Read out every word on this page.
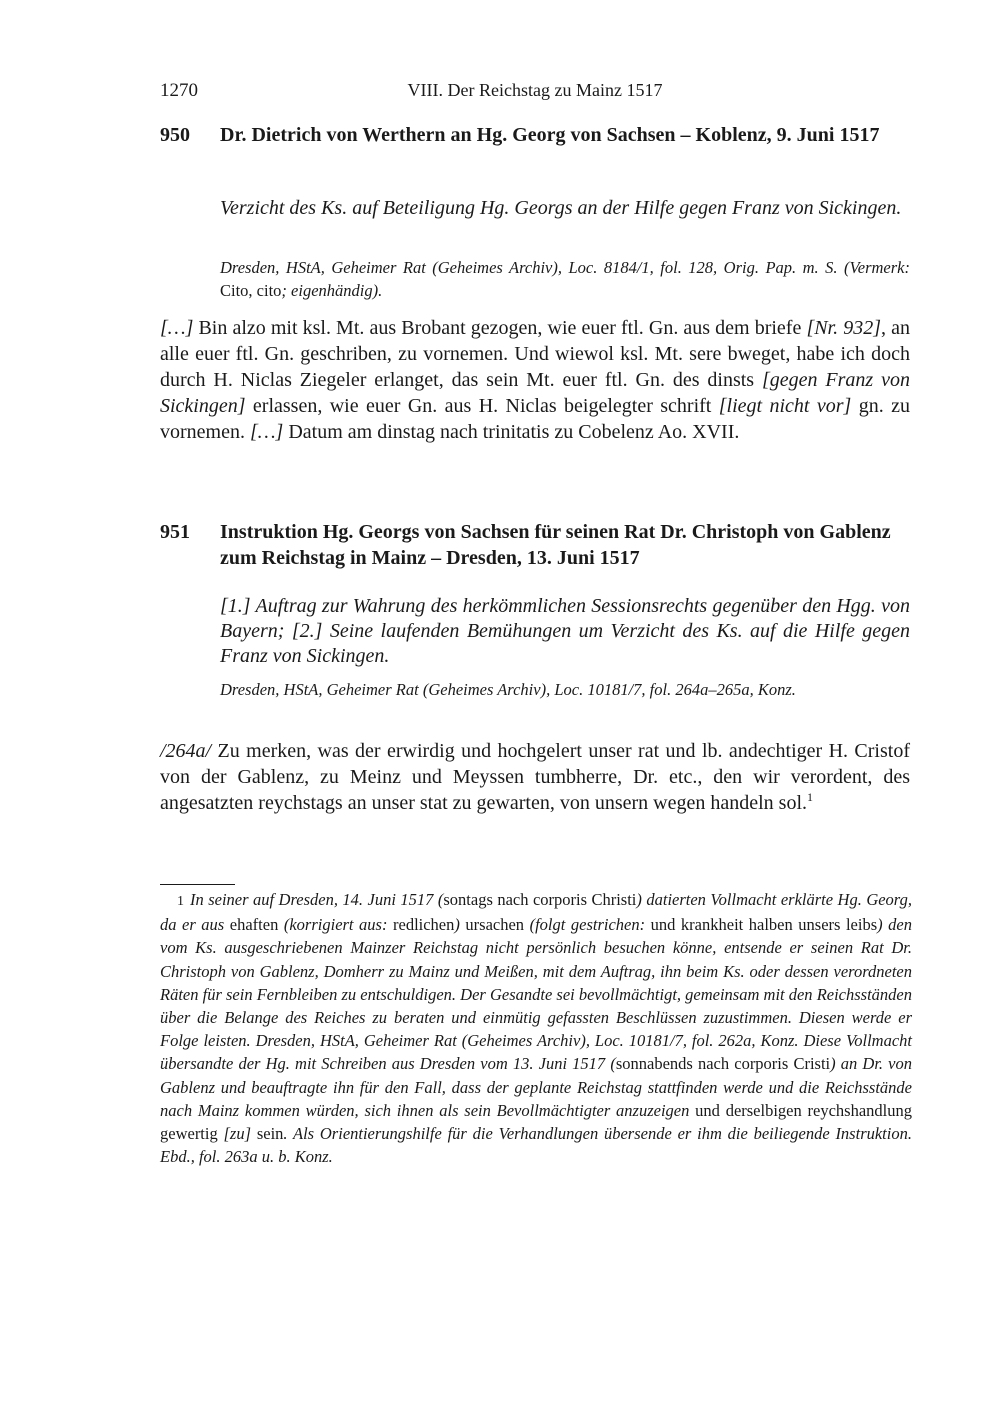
1270	VIII. Der Reichstag zu Mainz 1517
950 Dr. Dietrich von Werthern an Hg. Georg von Sachsen – Koblenz, 9. Juni 1517
Verzicht des Ks. auf Beteiligung Hg. Georgs an der Hilfe gegen Franz von Sickingen.
Dresden, HStA, Geheimer Rat (Geheimes Archiv), Loc. 8184/1, fol. 128, Orig. Pap. m. S. (Vermerk: Cito, cito; eigenhändig).
[…] Bin alzo mit ksl. Mt. aus Brobant gezogen, wie euer ftl. Gn. aus dem briefe [Nr. 932], an alle euer ftl. Gn. geschriben, zu vornemen. Und wiewol ksl. Mt. sere bweget, habe ich doch durch H. Niclas Ziegeler erlanget, das sein Mt. euer ftl. Gn. des dinsts [gegen Franz von Sickingen] erlassen, wie euer Gn. aus H. Niclas beigelegter schrift [liegt nicht vor] gn. zu vornemen. […] Datum am dinstag nach trinitatis zu Cobelenz Ao. XVII.
951 Instruktion Hg. Georgs von Sachsen für seinen Rat Dr. Christoph von Gablenz zum Reichstag in Mainz – Dresden, 13. Juni 1517
[1.] Auftrag zur Wahrung des herkömmlichen Sessionsrechts gegenüber den Hgg. von Bayern; [2.] Seine laufenden Bemühungen um Verzicht des Ks. auf die Hilfe gegen Franz von Sickingen.
Dresden, HStA, Geheimer Rat (Geheimes Archiv), Loc. 10181/7, fol. 264a–265a, Konz.
/264a/ Zu merken, was der erwirdig und hochgelert unser rat und lb. andechtiger H. Cristof von der Gablenz, zu Meinz und Meyssen tumbherre, Dr. etc., den wir verordent, des angesatzten reychstags an unser stat zu gewarten, von unsern wegen handeln sol.$^1$
1 In seiner auf Dresden, 14. Juni 1517 (sontags nach corporis Christi) datierten Vollmacht erklärte Hg. Georg, da er aus ehaften (korrigiert aus: redlichen) ursachen (folgt gestrichen: und krankheit halben unsers leibs) den vom Ks. ausgeschriebenen Mainzer Reichstag nicht persönlich besuchen könne, entsende er seinen Rat Dr. Christoph von Gablenz, Domherr zu Mainz und Meißen, mit dem Auftrag, ihn beim Ks. oder dessen verordneten Räten für sein Fernbleiben zu entschuldigen. Der Gesandte sei bevollmächtigt, gemeinsam mit den Reichsständen über die Belange des Reiches zu beraten und einmütig gefassten Beschlüssen zuzustimmen. Diesen werde er Folge leisten. Dresden, HStA, Geheimer Rat (Geheimes Archiv), Loc. 10181/7, fol. 262a, Konz. Diese Vollmacht übersandte der Hg. mit Schreiben aus Dresden vom 13. Juni 1517 (sonnabends nach corporis Cristi) an Dr. von Gablenz und beauftragte ihn für den Fall, dass der geplante Reichstag stattfinden werde und die Reichsstände nach Mainz kommen würden, sich ihnen als sein Bevollmächtigter anzuzeigen und derselbigen reychshandlung gewertig [zu] sein. Als Orientierungshilfe für die Verhandlungen übersende er ihm die beiliegende Instruktion. Ebd., fol. 263a u. b. Konz.
